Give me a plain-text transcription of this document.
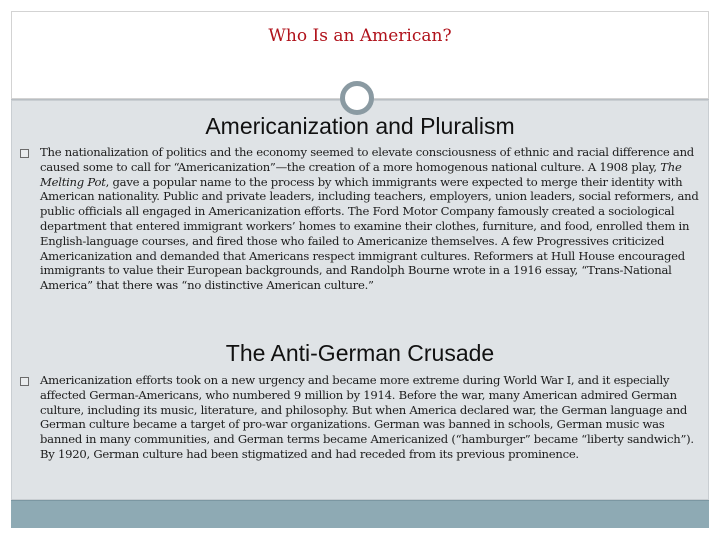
Who Is an American?
Americanization and Pluralism
The nationalization of politics and the economy seemed to elevate consciousness of ethnic and racial difference and caused some to call for “Americanization”—the creation of a more homogenous national culture. A 1908 play, The Melting Pot, gave a popular name to the process by which immigrants were expected to merge their identity with American nationality. Public and private leaders, including teachers, employers, union leaders, social reformers, and public officials all engaged in Americanization efforts. The Ford Motor Company famously created a sociological department that entered immigrant workers’ homes to examine their clothes, furniture, and food, enrolled them in English-language courses, and fired those who failed to Americanize themselves. A few Progressives criticized Americanization and demanded that Americans respect immigrant cultures. Reformers at Hull House encouraged immigrants to value their European backgrounds, and Randolph Bourne wrote in a 1916 essay, “Trans-National America” that there was “no distinctive American culture.”
The Anti-German Crusade
Americanization efforts took on a new urgency and became more extreme during World War I, and it especially affected German-Americans, who numbered 9 million by 1914. Before the war, many American admired German culture, including its music, literature, and philosophy. But when America declared war, the German language and German culture became a target of pro-war organizations. German was banned in schools, German music was banned in many communities, and German terms became Americanized (“hamburger” became “liberty sandwich”). By 1920, German culture had been stigmatized and had receded from its previous prominence.
